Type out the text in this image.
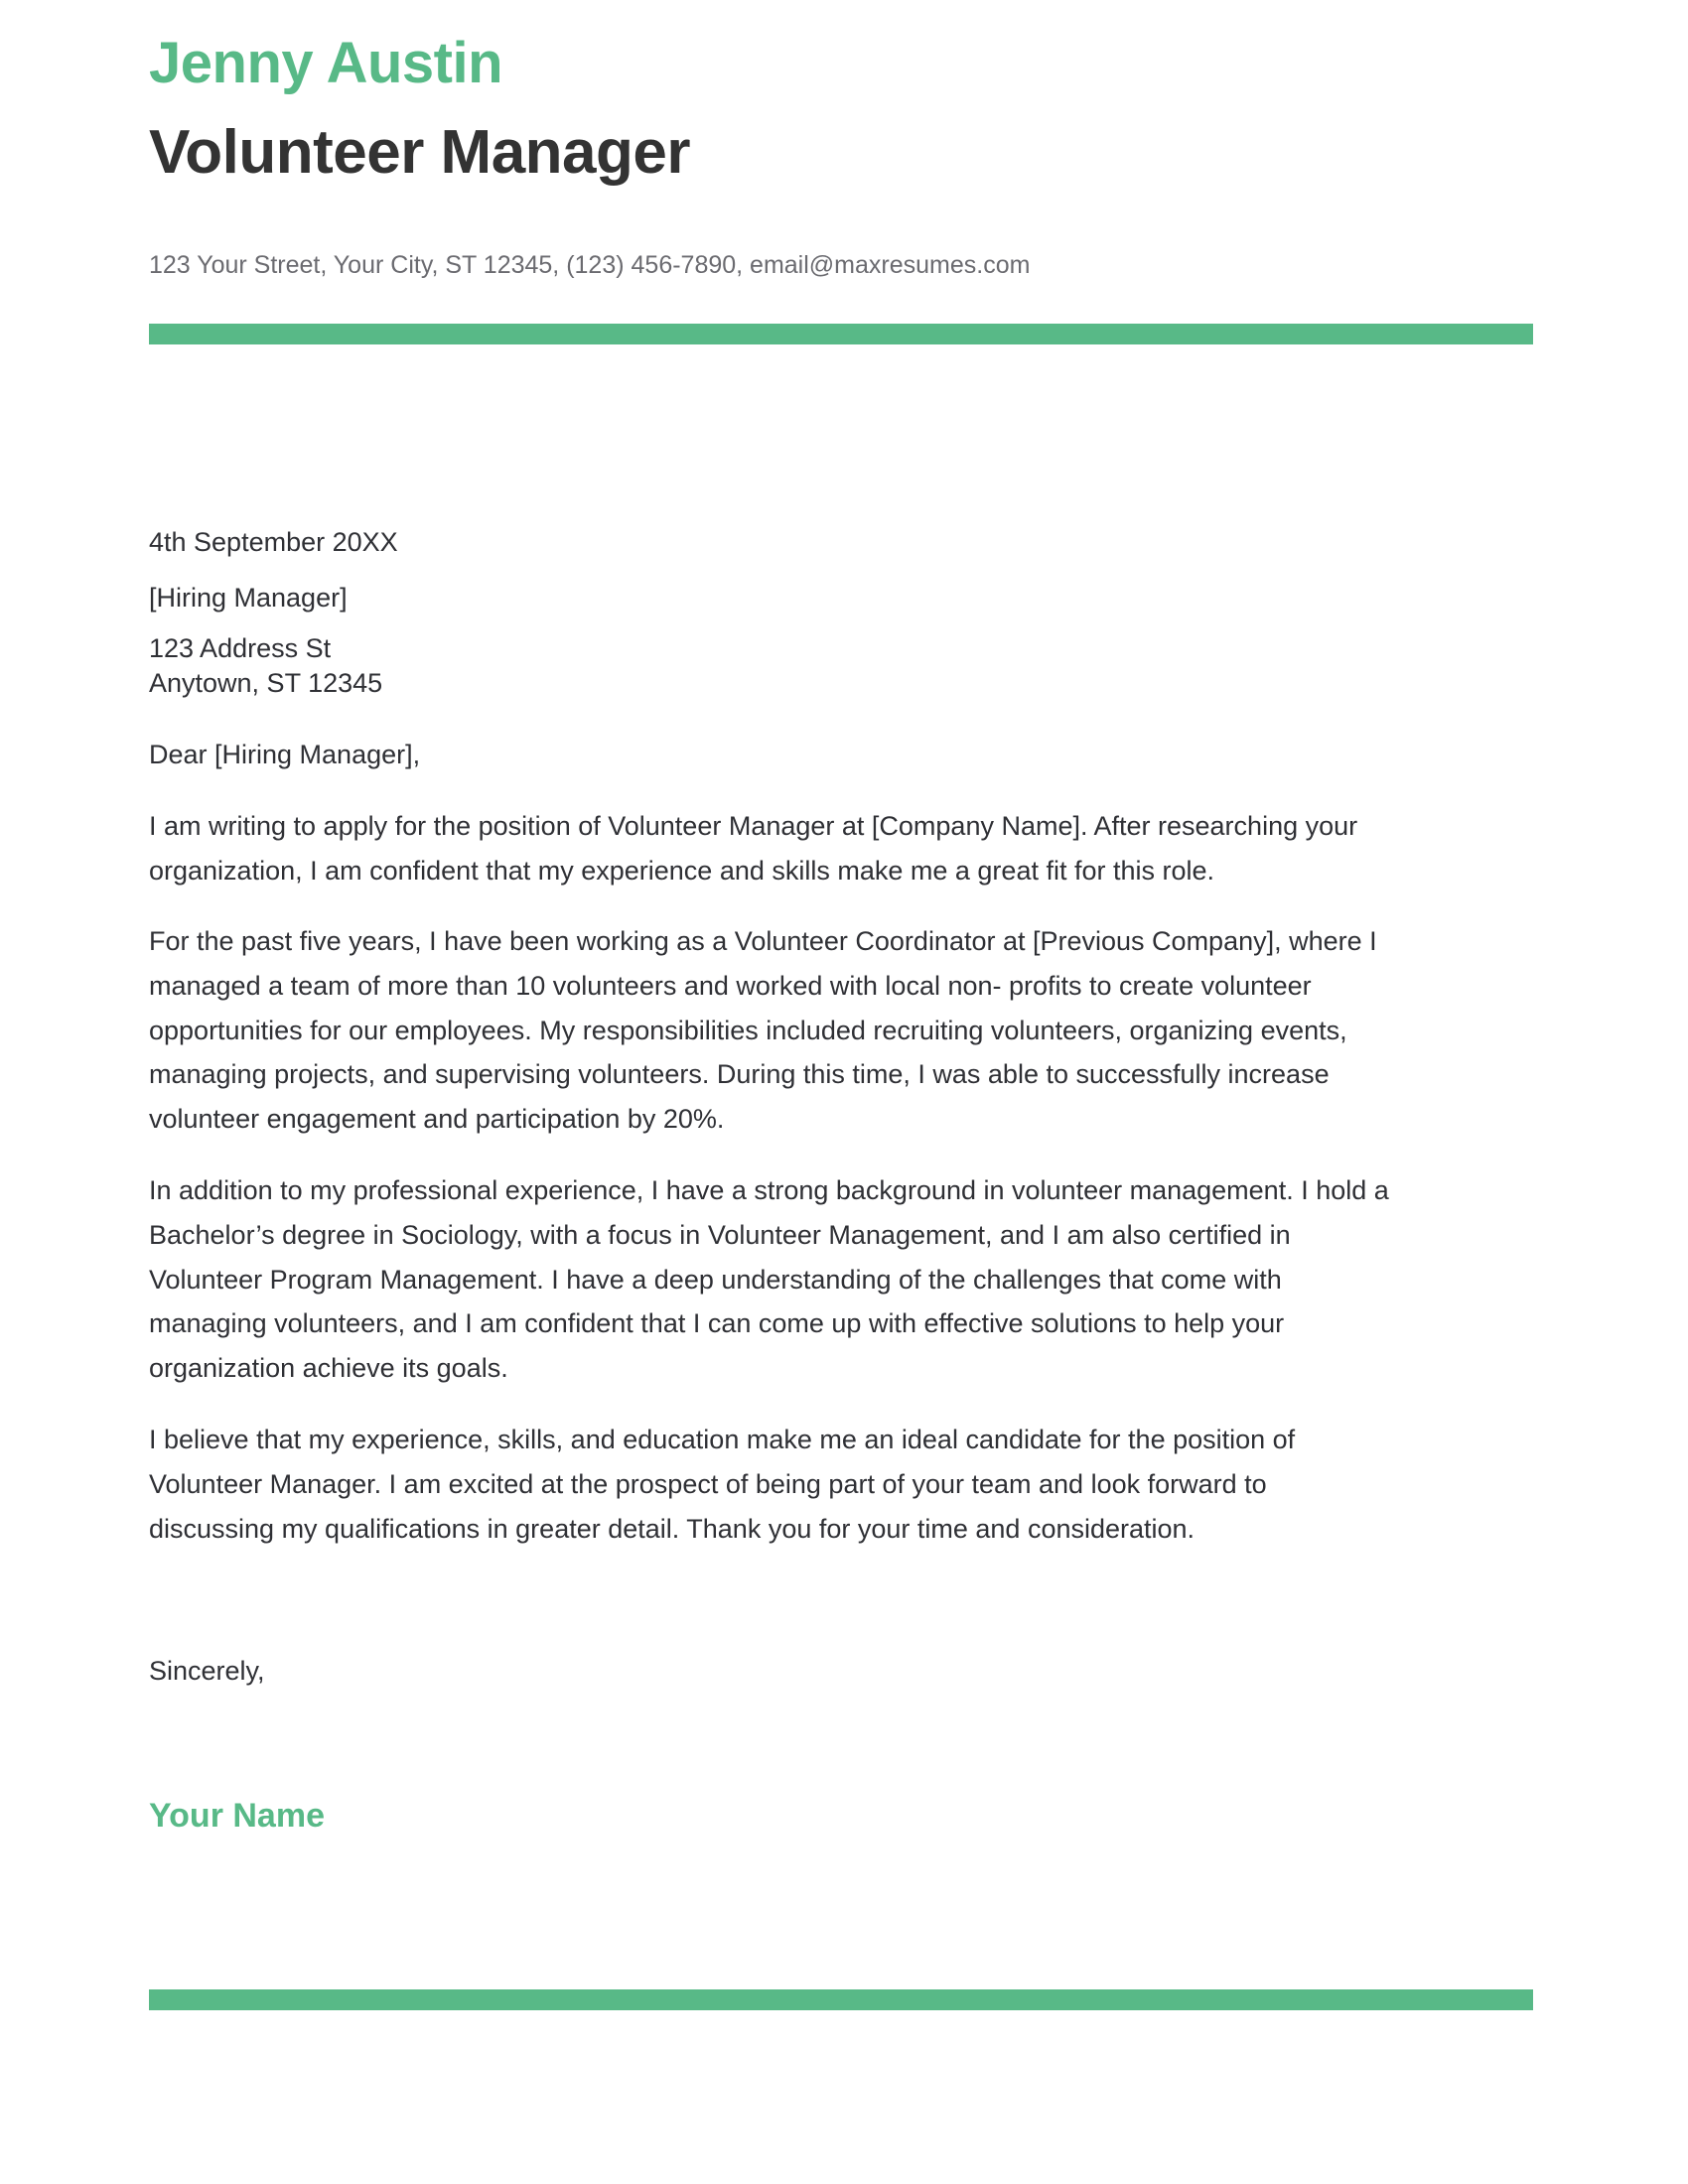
Jenny Austin
Volunteer Manager
123 Your Street, Your City, ST 12345, (123) 456-7890, email@maxresumes.com
4th September 20XX
[Hiring Manager]
123 Address St
Anytown, ST 12345
Dear [Hiring Manager],
I am writing to apply for the position of Volunteer Manager at [Company Name]. After researching your
organization, I am confident that my experience and skills make me a great fit for this role.
For the past five years, I have been working as a Volunteer Coordinator at [Previous Company], where I
managed a team of more than 10 volunteers and worked with local non- profits to create volunteer
opportunities for our employees. My responsibilities included recruiting volunteers, organizing events,
managing projects, and supervising volunteers. During this time, I was able to successfully increase
volunteer engagement and participation by 20%.
In addition to my professional experience, I have a strong background in volunteer management. I hold a
Bachelor’s degree in Sociology, with a focus in Volunteer Management, and I am also certified in
Volunteer Program Management. I have a deep understanding of the challenges that come with
managing volunteers, and I am confident that I can come up with effective solutions to help your
organization achieve its goals.
I believe that my experience, skills, and education make me an ideal candidate for the position of
Volunteer Manager. I am excited at the prospect of being part of your team and look forward to
discussing my qualifications in greater detail. Thank you for your time and consideration.
Sincerely,
Your Name
